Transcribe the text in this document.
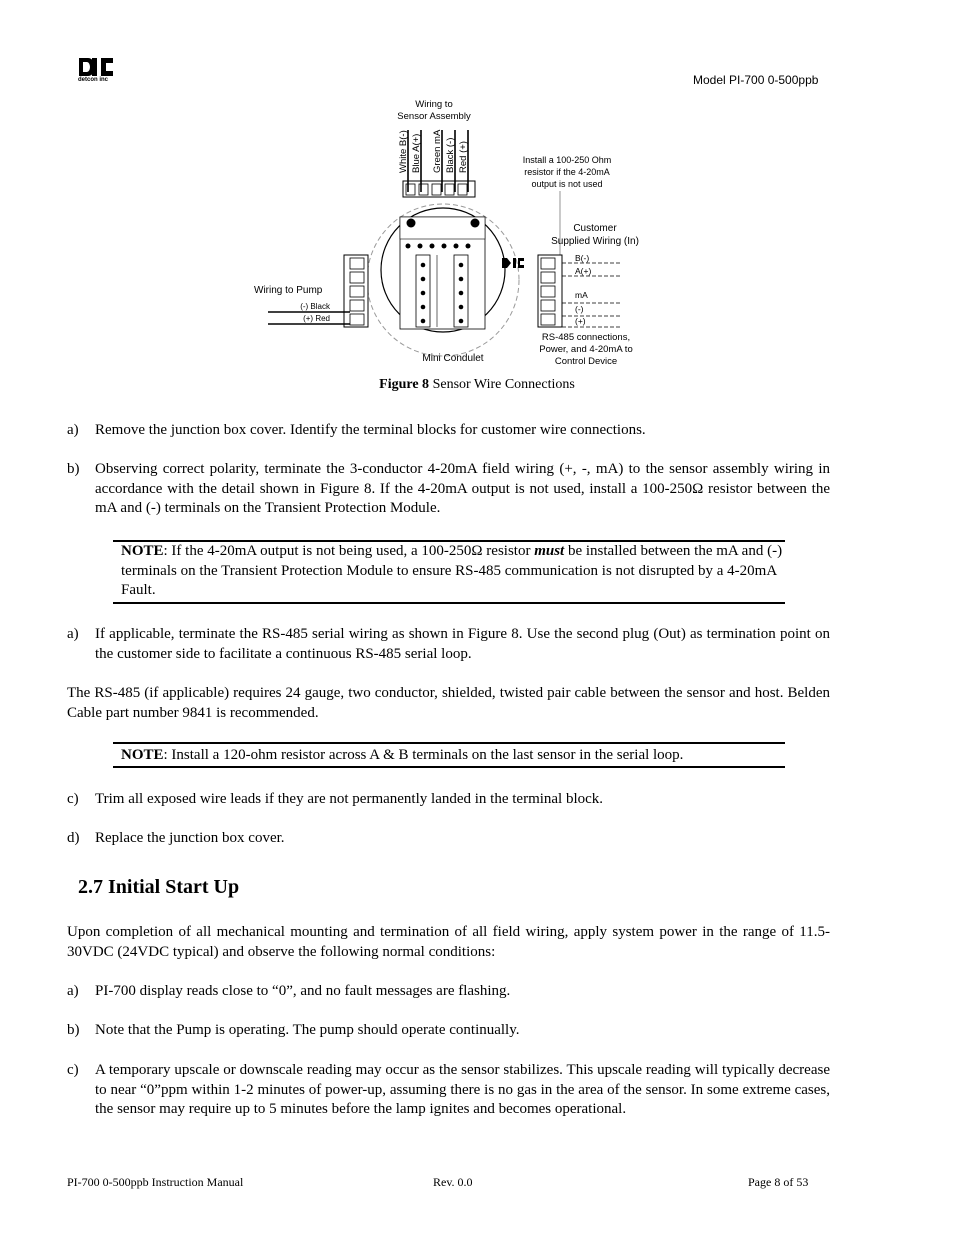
detcon inc	Model PI-700 0-500ppb
White B(-) Blue A(+) Green mA Black (-) Red (+)
Wiring to
Sensor Assembly
Install a 100-250 Ohm
resistor if the 4-20mA
output is not used
Customer
Supplied Wiring (In)
B(-)
A(+)
mA
(-)
(+)
RS-485 connections,
Power, and 4-20mA to
Control Device
Wiring to Pump
(-) Black
(+) Red
Mini Condulet
Figure 8 Sensor Wire Connections
a)	Remove the junction box cover. Identify the terminal blocks for customer wire connections.
b)	Observing correct polarity, terminate the 3-conductor 4-20mA field wiring (+, -, mA) to the sensor assembly wiring in accordance with the detail shown in Figure 8. If the 4-20mA output is not used, install a 100-250Ω resistor between the mA and (-) terminals on the Transient Protection Module.
NOTE: If the 4-20mA output is not being used, a 100-250Ω resistor must be installed between the mA and (-) terminals on the Transient Protection Module to ensure RS-485 communication is not disrupted by a 4-20mA Fault.
a)	If applicable, terminate the RS-485 serial wiring as shown in Figure 8. Use the second plug (Out) as termination point on the customer side to facilitate a continuous RS-485 serial loop.
The RS-485 (if applicable) requires 24 gauge, two conductor, shielded, twisted pair cable between the sensor and host. Belden Cable part number 9841 is recommended.
NOTE: Install a 120-ohm resistor across A & B terminals on the last sensor in the serial loop.
c)	Trim all exposed wire leads if they are not permanently landed in the terminal block.
d)	Replace the junction box cover.
2.7 Initial Start Up
Upon completion of all mechanical mounting and termination of all field wiring, apply system power in the range of 11.5-30VDC (24VDC typical) and observe the following normal conditions:
a)	PI-700 display reads close to “0”, and no fault messages are flashing.
b)	Note that the Pump is operating. The pump should operate continually.
c)	A temporary upscale or downscale reading may occur as the sensor stabilizes. This upscale reading will typically decrease to near “0”ppm within 1-2 minutes of power-up, assuming there is no gas in the area of the sensor. In some extreme cases, the sensor may require up to 5 minutes before the lamp ignites and becomes operational.
PI-700 0-500ppb Instruction Manual	Rev. 0.0	Page 8 of 53
